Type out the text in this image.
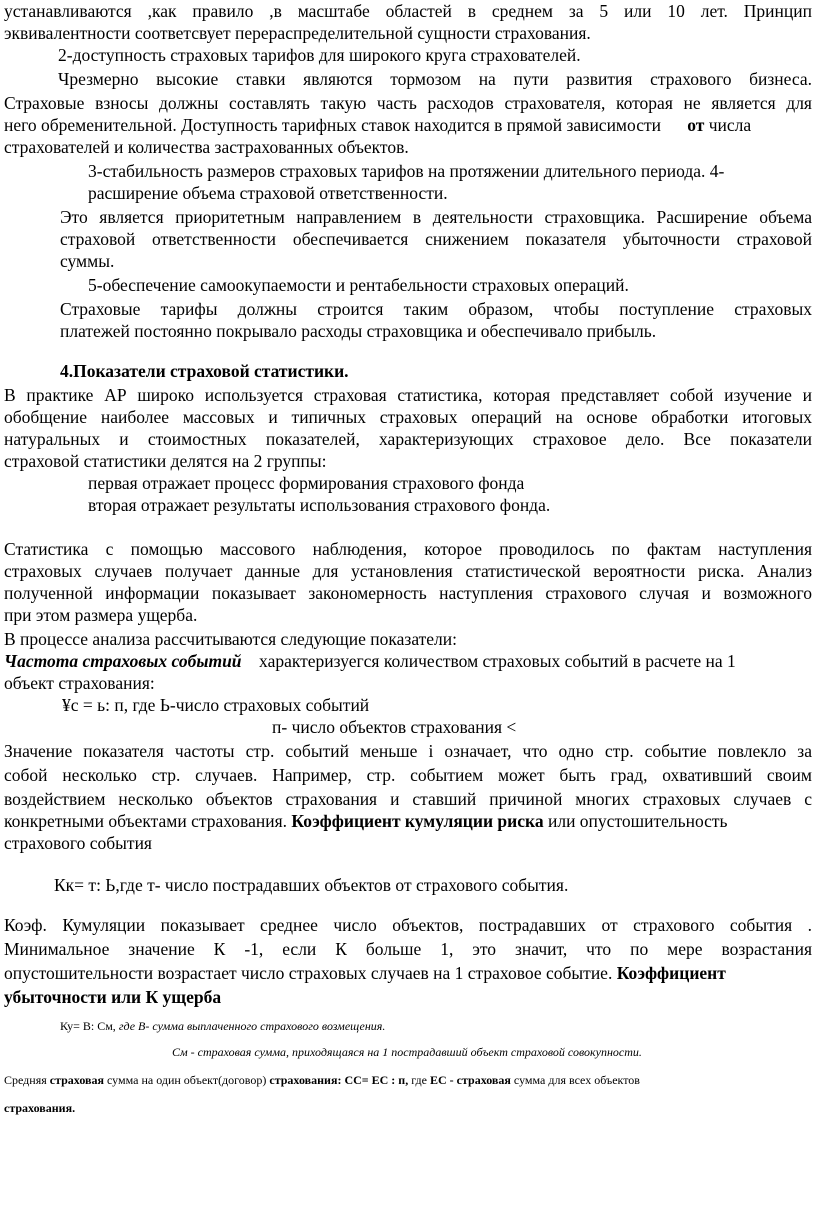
устанавливаются ,как правило ,в масштабе областей в среднем за 5 или 10 лет. Принцип
эквивалентности соответсвует перераспределительной сущности страхования.
2-доступность страховых тарифов для широкого круга страхователей.
Чрезмерно высокие ставки являются тормозом на пути развития страхового бизнеса.
Страховые взносы должны составлять такую часть расходов страхователя, которая не является для
него обременительной. Доступность тарифных ставок находится в прямой зависимости от числа
страхователей и количества застрахованных объектов.
3-стабильность размеров страховых тарифов на протяжении длительного периода. 4-
расширение объема страховой ответственности.
Это является приоритетным направлением в деятельности страховщика. Расширение объема
страховой ответственности обеспечивается снижением показателя убыточности страховой
суммы.
5-обеспечение самоокупаемости и рентабельности страховых операций.
Страховые тарифы должны строится таким образом, чтобы поступление страховых
платежей постоянно покрывало расходы страховщика и обеспечивало прибыль.
4.Показатели страховой статистики.
В практике АР широко используется страховая статистика, которая представляет собой изучение и
обобщение наиболее массовых и типичных страховых операций на основе обработки итоговых
натуральных и стоимостных показателей, характеризующих страховое дело. Все показатели
страховой статистики делятся на 2 группы:
первая отражает процесс формирования страхового фонда
вторая отражает результаты использования страхового фонда.
Статистика с помощью массового наблюдения, которое проводилось по фактам наступления
страховых случаев получает данные для установления статистической вероятности риска. Анализ
полученной информации показывает закономерность наступления страхового случая и возможного
при этом размера ущерба.
В процессе анализа рассчитываются следующие показатели:
Частота страховых событий характеризуегся количеством страховых событий в расчете на 1
объект страхования:
¥c = ь: п, где Ь-число страховых событий
п- число объектов страхования <
Значение показателя частоты стр. событий меньше і означает, что одно стр. событие повлекло за
собой несколько стр. случаев. Например, стр. событием может быть град, охвативший своим
воздействием несколько объектов страхования и ставший причиной многих страховых случаев с
конкретными объектами страхования. Коэффициент кумуляции риска или опустошительность
страхового события
Кк= т: Ь,где т- число пострадавших объектов от страхового события.
Коэф. Кумуляции показывает среднее число объектов, пострадавших от страхового события .
Минимальное значение К -1, если К больше 1, это значит, что по мере возрастания
опустошительности возрастает число страховых случаев на 1 страховое событие. Коэффициент
убыточности или К ущерба
Ку= В: См, где В- сумма выплаченного страхового возмещения.
См - страховая сумма, приходящаяся на 1 пострадавший объект страховой совокупности.
Средняя страховая сумма на один объект(договор) страхования: СС= ЕС : п, где ЕС - страховая сумма для всех объектов
страхования.
